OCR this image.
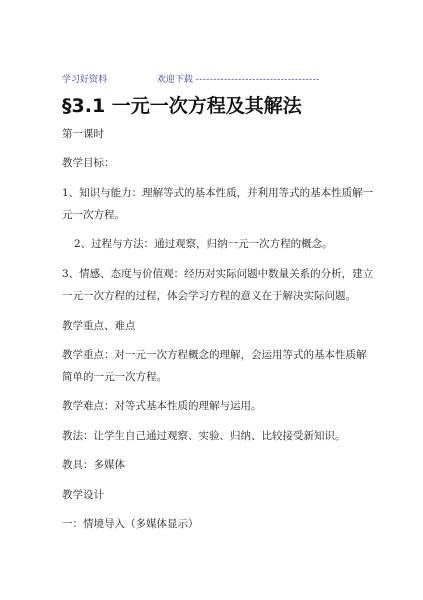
学习好资料	欢迎下载 -----------------------------------
§3.1 一元一次方程及其解法
第一课时
教学目标：
1、知识与能力：理解等式的基本性质，并利用等式的基本性质解一
元一次方程。
2、过程与方法：通过观察，归纳一元一次方程的概念。
3、情感、态度与价值观：经历对实际问题中数量关系的分析，建立
一元一次方程的过程，体会学习方程的意义在于解决实际问题。
教学重点、难点
教学重点：对一元一次方程概念的理解，会运用等式的基本性质解
简单的一元一次方程。
教学难点：对等式基本性质的理解与运用。
教法：让学生自己通过观察、实验、归纳、比较接受新知识。
教具：多媒体
教学设计
一：情境导入（多媒体显示）
